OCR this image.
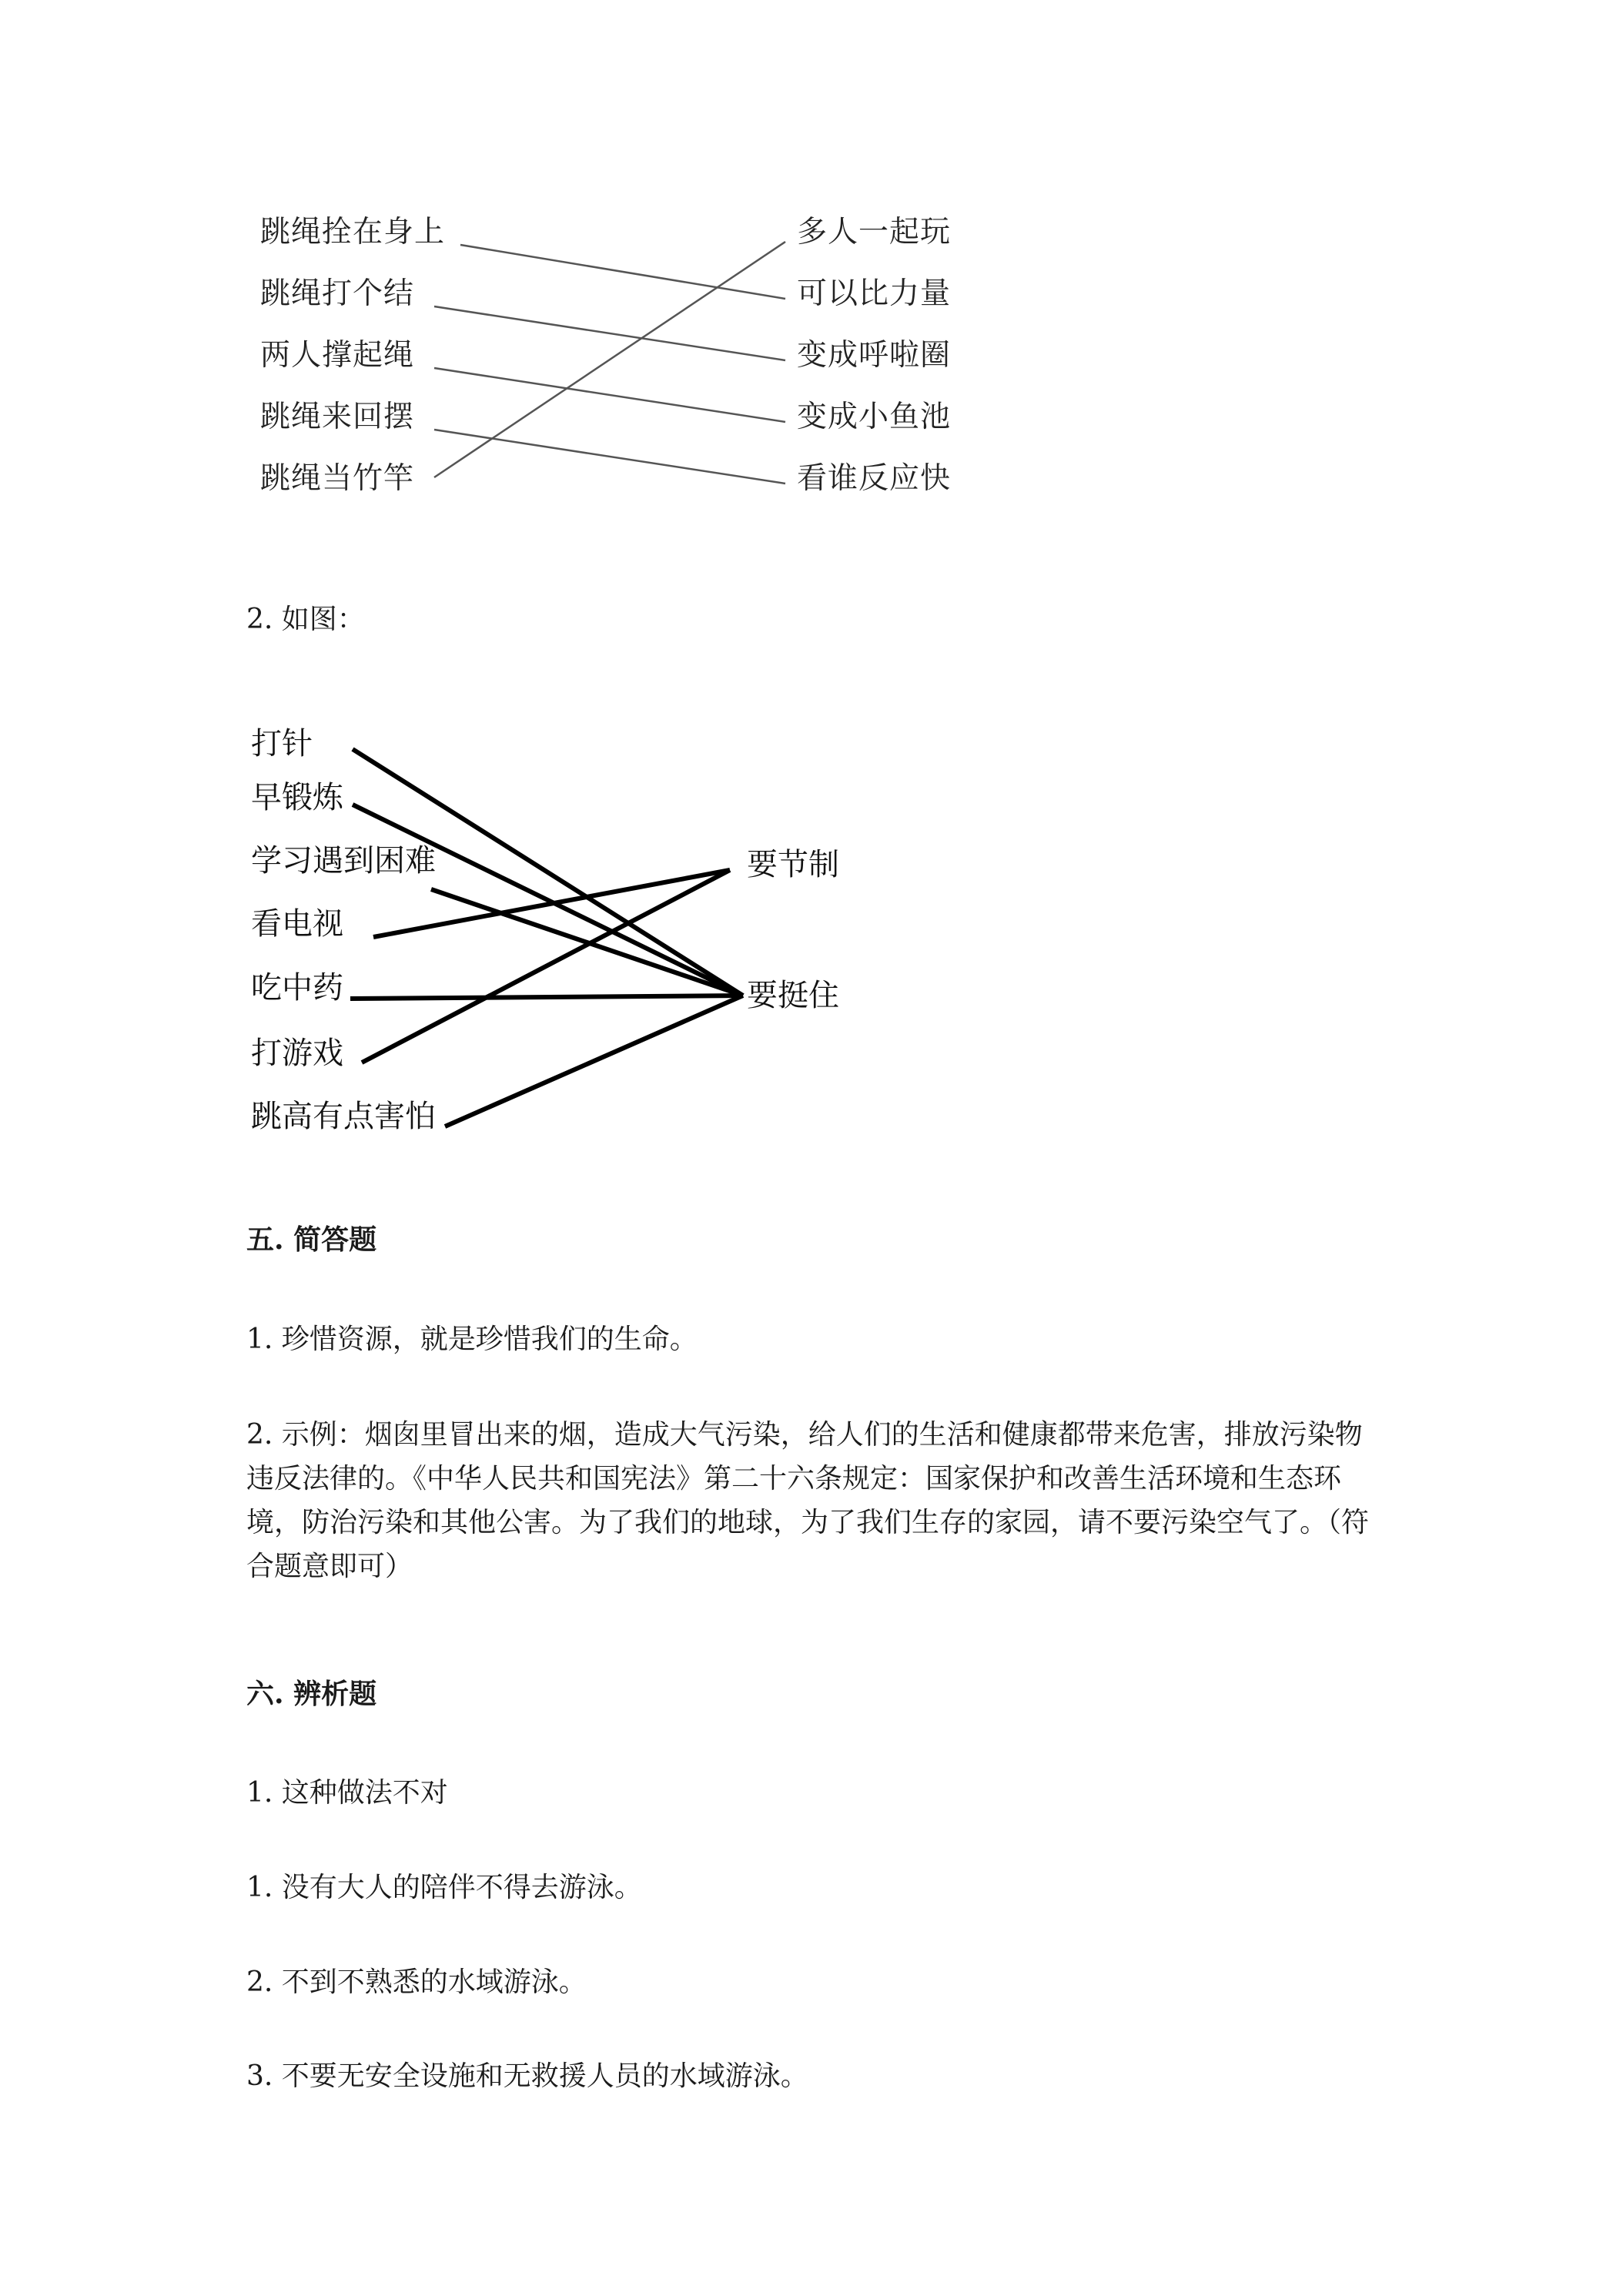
跳绳拴在身上
跳绳打个结
两人撑起绳
跳绳来回摆
跳绳当竹竿
多人一起玩
可以比力量
变成呼啦圈
变成小鱼池
看谁反应快
2. 如图：
打针
早锻炼
学习遇到困难
看电视
吃中药
打游戏
跳高有点害怕
要节制
要挺住
五. 简答题
1. 珍惜资源，就是珍惜我们的生命。
2. 示例：烟囱里冒出来的烟，造成大气污染，给人们的生活和健康都带来危害，排放污染物
违反法律的。《中华人民共和国宪法》第二十六条规定：国家保护和改善生活环境和生态环
境，防治污染和其他公害。为了我们的地球，为了我们生存的家园，请不要污染空气了。（符
合题意即可）
六. 辨析题
1. 这种做法不对
1. 没有大人的陪伴不得去游泳。
2. 不到不熟悉的水域游泳。
3. 不要无安全设施和无救援人员的水域游泳。
